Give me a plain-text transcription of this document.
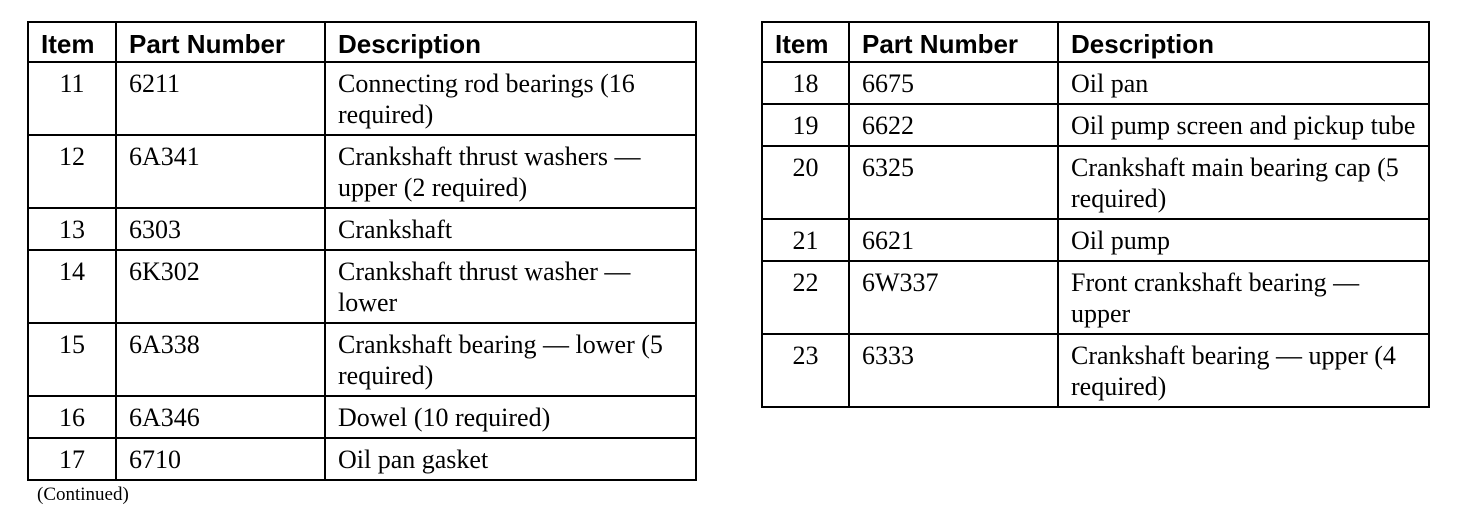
Item	Part Number	Description
11	6211	Connecting rod bearings (16 required)
12	6A341	Crankshaft thrust washers — upper (2 required)
13	6303	Crankshaft
14	6K302	Crankshaft thrust washer — lower
15	6A338	Crankshaft bearing — lower (5 required)
16	6A346	Dowel (10 required)
17	6710	Oil pan gasket
Item	Part Number	Description
18	6675	Oil pan
19	6622	Oil pump screen and pickup tube
20	6325	Crankshaft main bearing cap (5 required)
21	6621	Oil pump
22	6W337	Front crankshaft bearing — upper
23	6333	Crankshaft bearing — upper (4 required)
(Continued)
